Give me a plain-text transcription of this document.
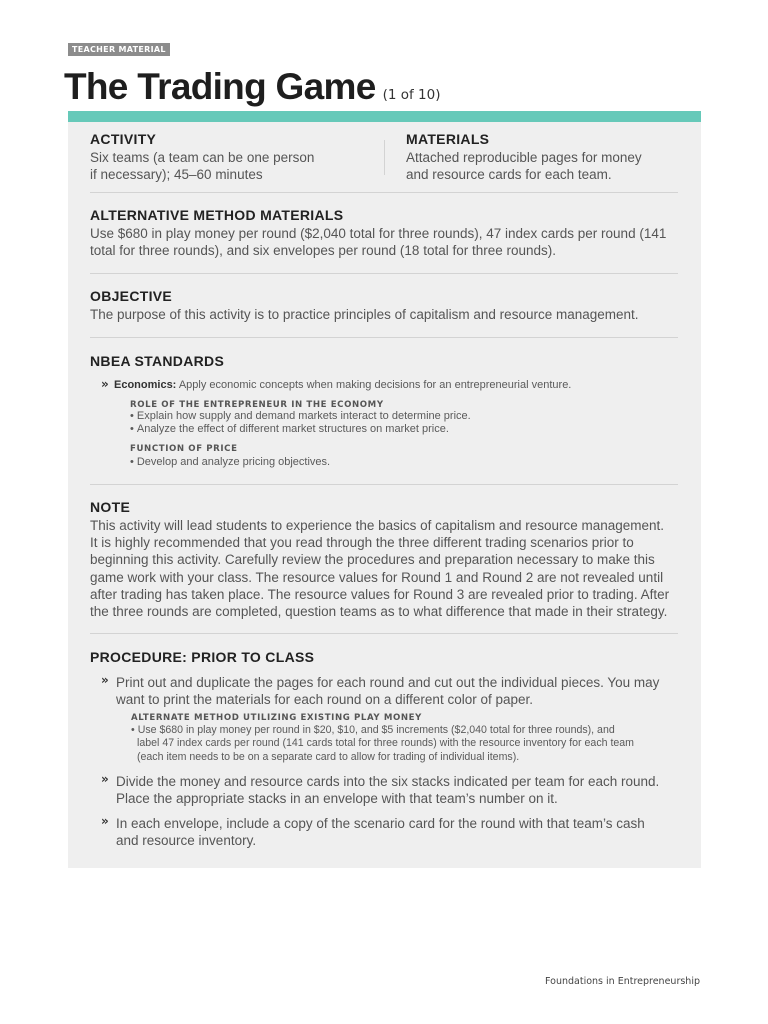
TEACHER MATERIAL
The Trading Game (1 of 10)
ACTIVITY
Six teams (a team can be one person
if necessary); 45–60 minutes
MATERIALS
Attached reproducible pages for money
and resource cards for each team.
ALTERNATIVE METHOD MATERIALS
Use $680 in play money per round ($2,040 total for three rounds), 47 index cards per round (141
total for three rounds), and six envelopes per round (18 total for three rounds).
OBJECTIVE
The purpose of this activity is to practice principles of capitalism and resource management.
NBEA STANDARDS
» Economics: Apply economic concepts when making decisions for an entrepreneurial venture.
ROLE OF THE ENTREPRENEUR IN THE ECONOMY
• Explain how supply and demand markets interact to determine price.
• Analyze the effect of different market structures on market price.
FUNCTION OF PRICE
• Develop and analyze pricing objectives.
NOTE
This activity will lead students to experience the basics of capitalism and resource management.
It is highly recommended that you read through the three different trading scenarios prior to
beginning this activity. Carefully review the procedures and preparation necessary to make this
game work with your class. The resource values for Round 1 and Round 2 are not revealed until
after trading has taken place. The resource values for Round 3 are revealed prior to trading. After
the three rounds are completed, question teams as to what difference that made in their strategy.
PROCEDURE: PRIOR TO CLASS
» Print out and duplicate the pages for each round and cut out the individual pieces. You may
want to print the materials for each round on a different color of paper.
ALTERNATE METHOD UTILIZING EXISTING PLAY MONEY
• Use $680 in play money per round in $20, $10, and $5 increments ($2,040 total for three rounds), and
label 47 index cards per round (141 cards total for three rounds) with the resource inventory for each team
(each item needs to be on a separate card to allow for trading of individual items).
» Divide the money and resource cards into the six stacks indicated per team for each round.
Place the appropriate stacks in an envelope with that team’s number on it.
» In each envelope, include a copy of the scenario card for the round with that team’s cash
and resource inventory.
Foundations in Entrepreneurship
